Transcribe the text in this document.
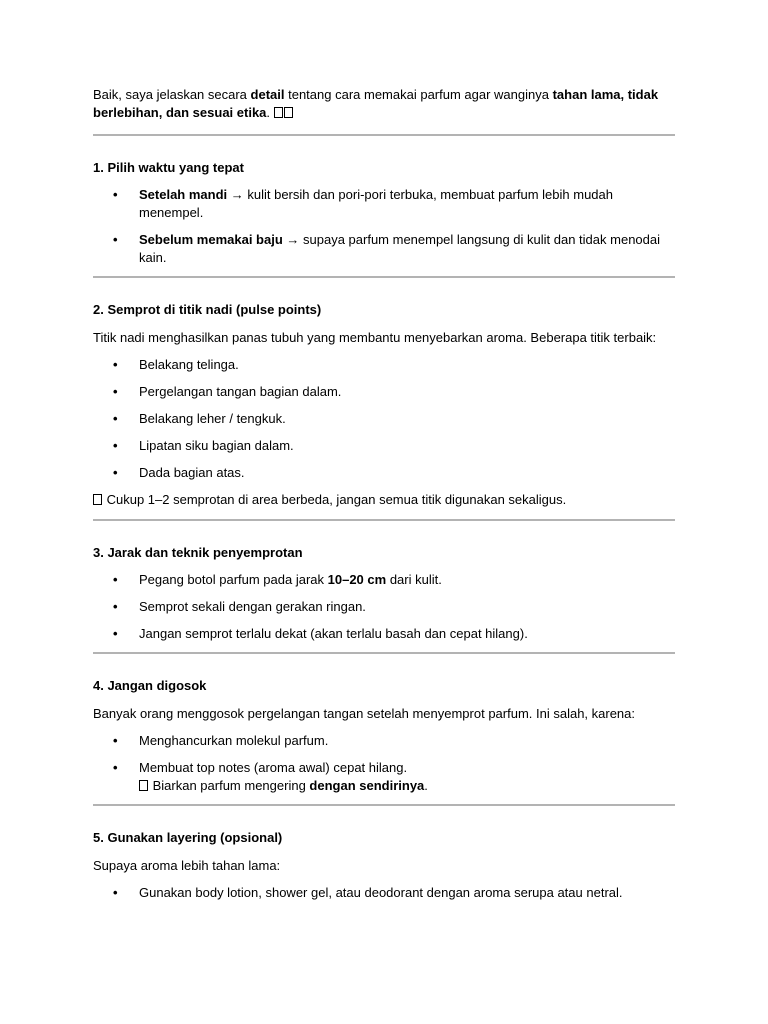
Baik, saya jelaskan secara detail tentang cara memakai parfum agar wanginya tahan lama, tidak berlebihan, dan sesuai etika.

1. Pilih waktu yang tepat

• Setelah mandi → kulit bersih dan pori-pori terbuka, membuat parfum lebih mudah menempel.
• Sebelum memakai baju → supaya parfum menempel langsung di kulit dan tidak menodai kain.

2. Semprot di titik nadi (pulse points)

Titik nadi menghasilkan panas tubuh yang membantu menyebarkan aroma. Beberapa titik terbaik:

• Belakang telinga.
• Pergelangan tangan bagian dalam.
• Belakang leher / tengkuk.
• Lipatan siku bagian dalam.
• Dada bagian atas.

Cukup 1–2 semprotan di area berbeda, jangan semua titik digunakan sekaligus.

3. Jarak dan teknik penyemprotan

• Pegang botol parfum pada jarak 10–20 cm dari kulit.
• Semprot sekali dengan gerakan ringan.
• Jangan semprot terlalu dekat (akan terlalu basah dan cepat hilang).

4. Jangan digosok

Banyak orang menggosok pergelangan tangan setelah menyemprot parfum. Ini salah, karena:

• Menghancurkan molekul parfum.
• Membuat top notes (aroma awal) cepat hilang.
Biarkan parfum mengering dengan sendirinya.

5. Gunakan layering (opsional)

Supaya aroma lebih tahan lama:

• Gunakan body lotion, shower gel, atau deodorant dengan aroma serupa atau netral.
